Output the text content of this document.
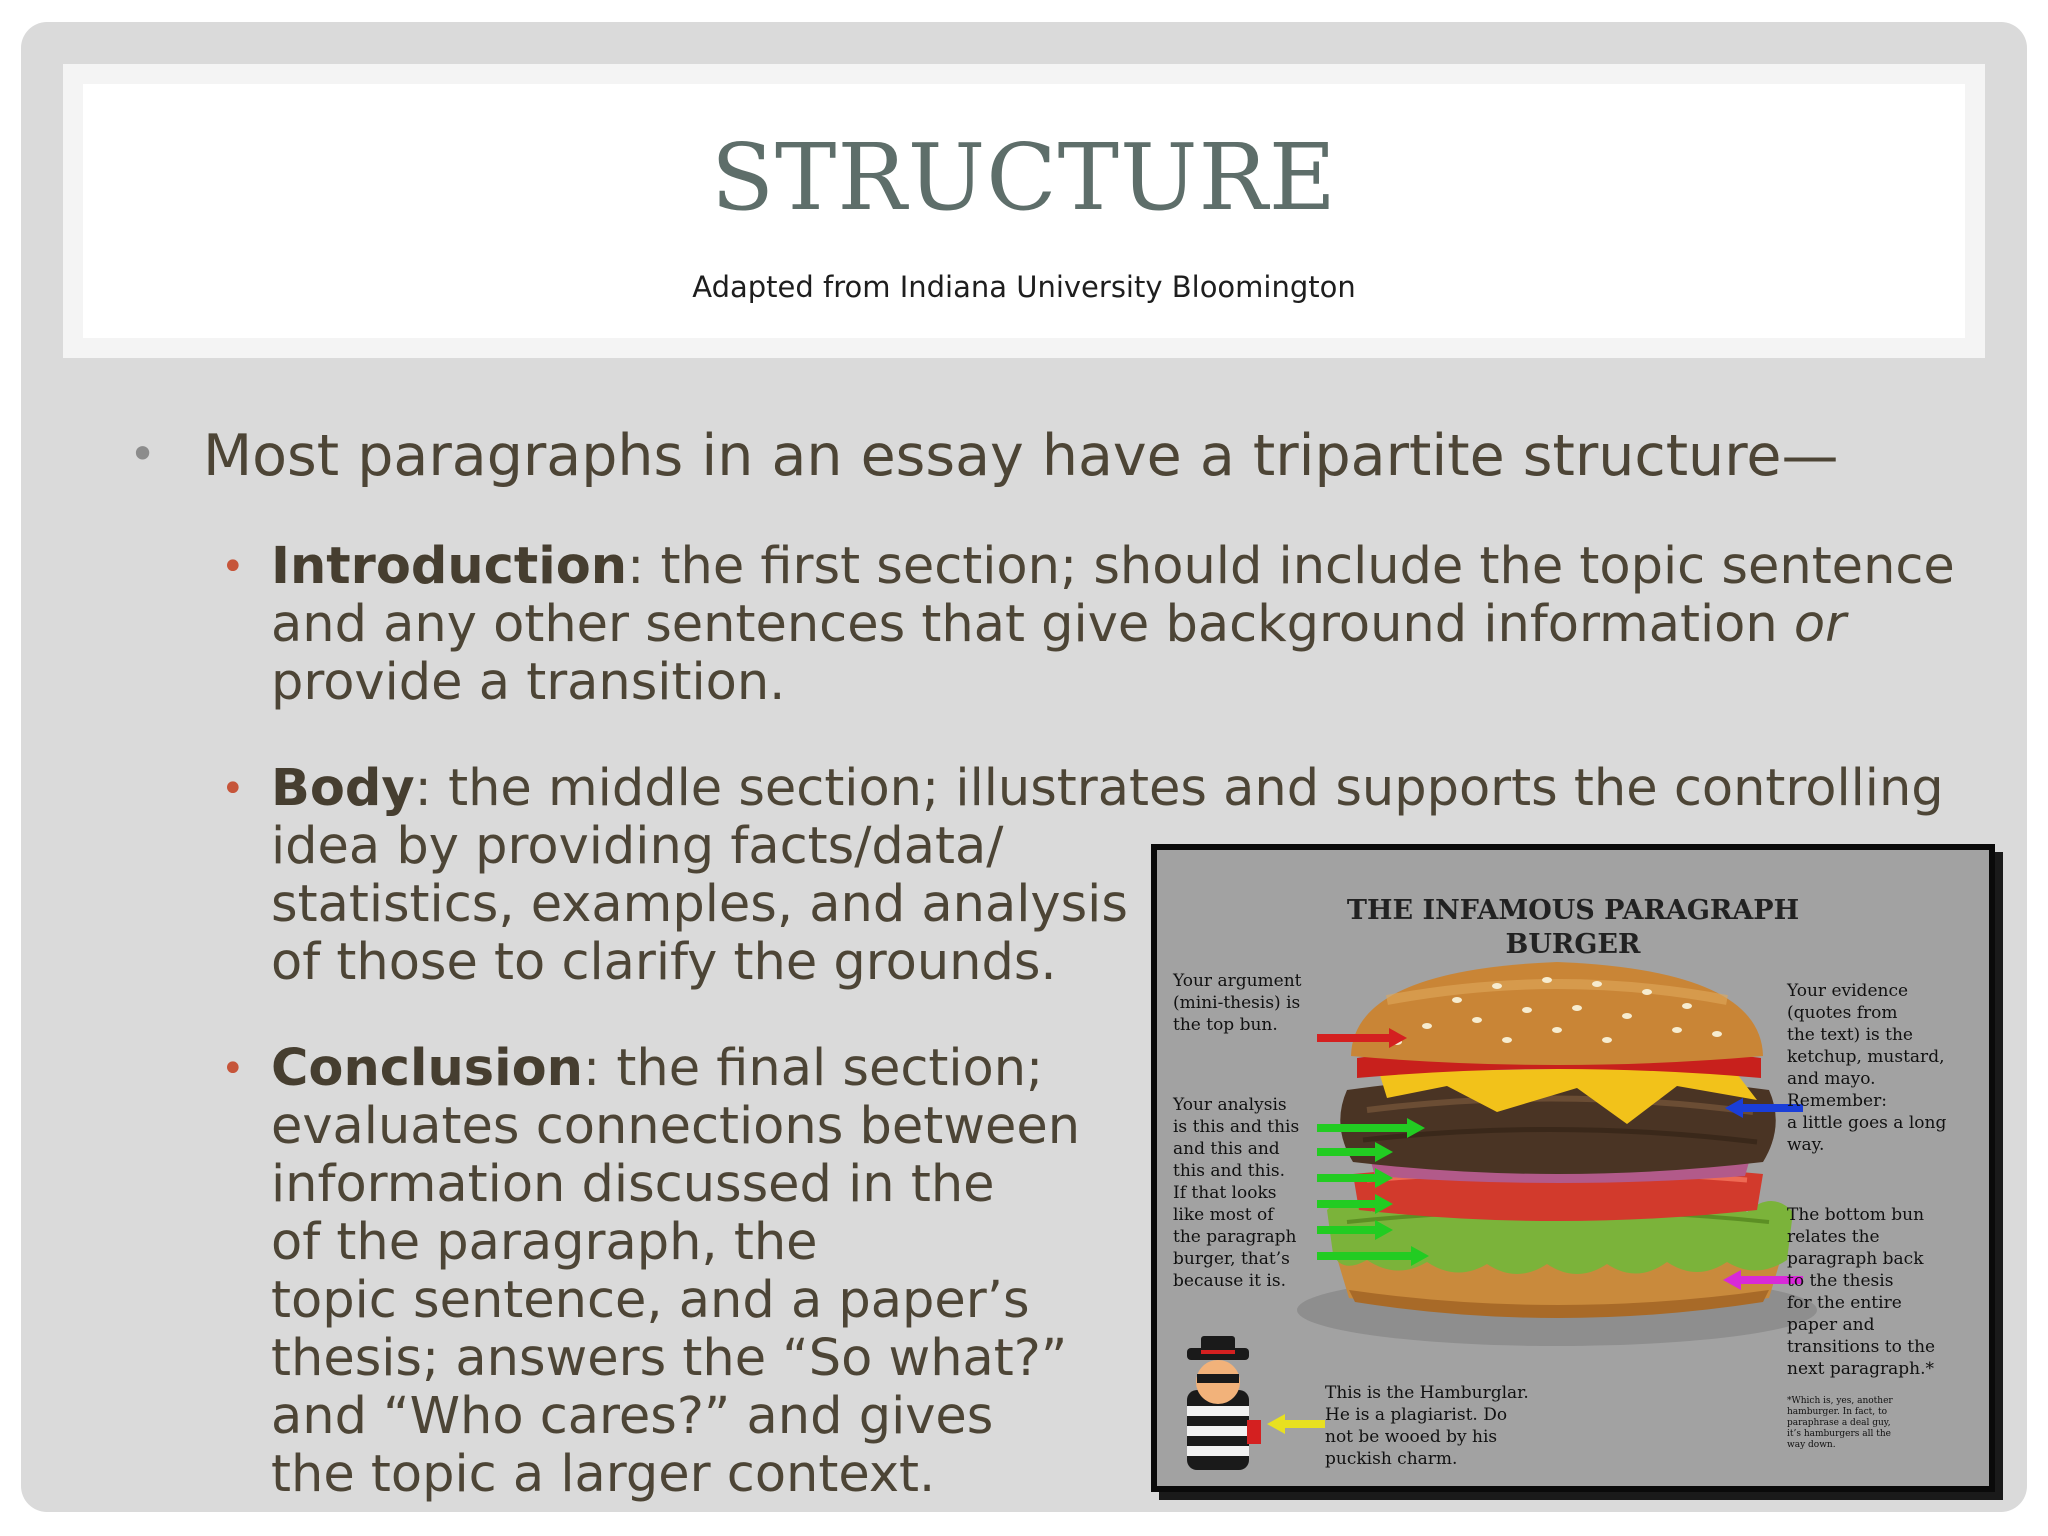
STRUCTURE
Adapted from Indiana University Bloomington
• Most paragraphs in an essay have a tripartite structure—
• Introduction: the first section; should include the topic sentence
and any other sentences that give background information or
provide a transition.
• Body: the middle section; illustrates and supports the controlling
idea by providing facts/data/
statistics, examples, and analysis
of those to clarify the grounds.
• Conclusion: the final section;
evaluates connections between
information discussed in the
of the paragraph, the
topic sentence, and a paper’s
thesis; answers the “So what?”
and “Who cares?” and gives
the topic a larger context.
THE INFAMOUS PARAGRAPH
BURGER
Your argument
(mini-thesis) is
the top bun.
Your analysis
is this and this
and this and
this and this.
If that looks
like most of
the paragraph
burger, that’s
because it is.
Your evidence
(quotes from
the text) is the
ketchup, mustard,
and mayo.
Remember:
a little goes a long
way.
The bottom bun
relates the
paragraph back
to the thesis
for the entire
paper and
transitions to the
next paragraph.*
*Which is, yes, another
hamburger. In fact, to
paraphrase a deal guy,
it’s hamburgers all the
way down.
This is the Hamburglar.
He is a plagiarist. Do
not be wooed by his
puckish charm.
